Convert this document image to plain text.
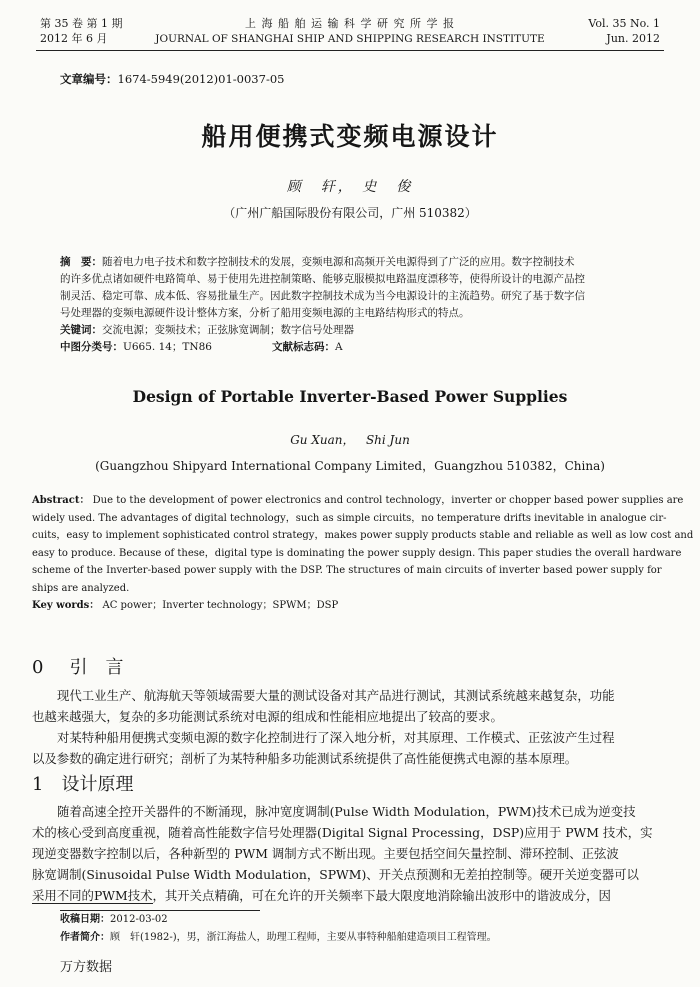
第 35 卷 第 1 期
2012 年 6 月
上 海 船 舶 运 输 科 学 研 究 所 学 报
JOURNAL OF SHANGHAI SHIP AND SHIPPING RESEARCH INSTITUTE
Vol. 35 No. 1
Jun. 2012
文章编号：1674-5949(2012)01-0037-05
船用便携式变频电源设计
顾　轩， 史　俊
（广州广船国际股份有限公司，广州 510382）
摘　要：随着电力电子技术和数字控制技术的发展，变频电源和高频开关电源得到了广泛的应用。数字控制技术
的许多优点诸如硬件电路简单、易于使用先进控制策略、能够克服模拟电路温度漂移等，使得所设计的电源产品控
制灵活、稳定可靠、成本低、容易批量生产。因此数字控制技术成为当今电源设计的主流趋势。研究了基于数字信
号处理器的变频电源硬件设计整体方案，分析了船用变频电源的主电路结构形式的特点。
关键词：交流电源；变频技术；正弦脉宽调制；数字信号处理器
中图分类号：U665. 14；TN86	文献标志码：A
Design of Portable Inverter-Based Power Supplies
Gu Xuan， Shi Jun
(Guangzhou Shipyard International Company Limited，Guangzhou 510382，China)
Abstract： Due to the development of power electronics and control technology，inverter or chopper based power supplies are
widely used. The advantages of digital technology，such as simple circuits，no temperature drifts inevitable in analogue cir-
cuits，easy to implement sophisticated control strategy，makes power supply products stable and reliable as well as low cost and
easy to produce. Because of these，digital type is dominating the power supply design. This paper studies the overall hardware
scheme of the Inverter-based power supply with the DSP. The structures of main circuits of inverter based power supply for
ships are analyzed.
Key words： AC power；Inverter technology；SPWM；DSP
0 引　言
现代工业生产、航海航天等领域需要大量的测试设备对其产品进行测试，其测试系统越来越复杂，功能
也越来越强大，复杂的多功能测试系统对电源的组成和性能相应地提出了较高的要求。
对某特种船用便携式变频电源的数字化控制进行了深入地分析，对其原理、工作模式、正弦波产生过程
以及参数的确定进行研究；剖析了为某特种船多功能测试系统提供了高性能便携式电源的基本原理。
1 设计原理
随着高速全控开关器件的不断涌现，脉冲宽度调制(Pulse Width Modulation，PWM)技术已成为逆变技
术的核心受到高度重视，随着高性能数字信号处理器(Digital Signal Processing，DSP)应用于 PWM 技术，实
现逆变器数字控制以后，各种新型的 PWM 调制方式不断出现。主要包括空间矢量控制、滞环控制、正弦波
脉宽调制(Sinusoidal Pulse Width Modulation，SPWM)、开关点预测和无差拍控制等。硬开关逆变器可以
采用不同的PWM技术，其开关点精确，可在允许的开关频率下最大限度地消除输出波形中的谐波成分，因
收稿日期：2012-03-02
作者简介：顾　轩(1982-)，男，浙江海盐人，助理工程师，主要从事特种船舶建造项目工程管理。
万方数据
